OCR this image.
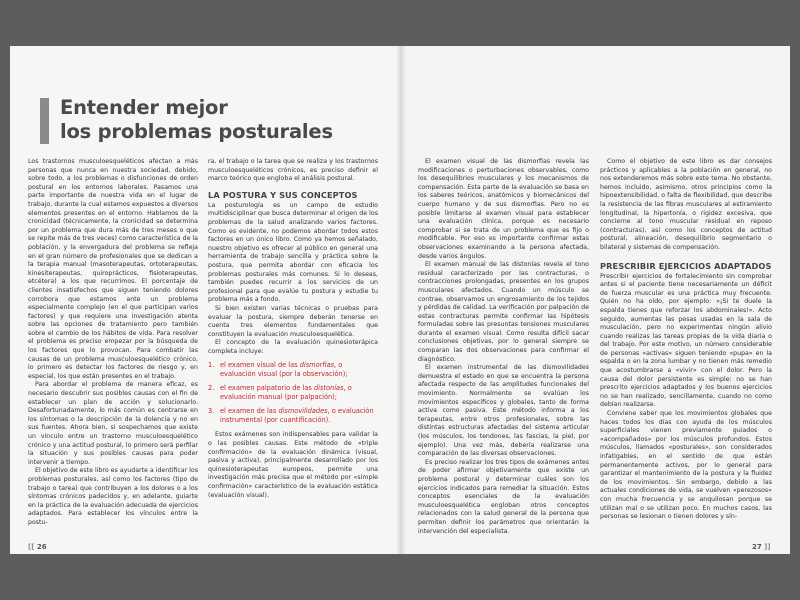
Entender mejor
los problemas posturales

Los trastornos musculoesqueléticos afectan a más personas que nunca en nuestra sociedad, debido, sobre todo, a los problemas o disfunciones de orden postural en los entornos laborales. Pasamos una parte importante de nuestra vida en el lugar de trabajo, durante la cual estamos expuestos a diversos elementos presentes en el entorno. Hablamos de la cronicidad (técnicamente, la cronicidad se determina por un problema que dura más de tres meses o que se repite más de tres veces) como característica de la población, y la envergadura del problema se refleja en el gran número de profesionales que se dedican a la terapia manual (masoterapeutas, ortoterapeutas, kinesiterapeutas, quiroprácticos, fisioterapeutas, etcétera) a los que recurrimos. El porcentaje de clientes insatisfechos que siguen teniendo dolores corrobora que estamos ante un problema especialmente complejo (en el que participan varios factores) y que requiere una investigación atenta sobre las opciones de tratamiento pero también sobre el cambio de los hábitos de vida. Para resolver el problema es preciso empezar por la búsqueda de los factores que lo provocan. Para combatir las causas de un problema musculoesquelético crónico, lo primero es detectar los factores de riesgo y, en especial, los que están presentes en el trabajo.

Para abordar el problema de manera eficaz, es necesario descubrir sus posibles causas con el fin de establecer un plan de acción y solucionarlo. Desafortunadamente, lo más común es centrarse en los síntomas o la descripción de la dolencia y no en sus fuentes. Ahora bien, si sospechamos que existe un vínculo entre un trastorno musculoesquelético crónico y una actitud postural, lo primero será perfilar la situación y sus posibles causas para poder intervenir a tiempo.

El objetivo de este libro es ayudarte a identificar los problemas posturales, así como los factores (tipo de trabajo o tarea) que contribuyen a los dolores o a los síntomas crónicos padecidos y, en adelante, guiarte en la práctica de la evaluación adecuada de ejercicios adaptados. Para establecer los vínculos entre la postu-

ra, el trabajo o la tarea que se realiza y los trastornos musculoesqueléticos crónicos, es preciso definir el marco teórico que engloba el análisis postural.

LA POSTURA Y SUS CONCEPTOS

La posturología es un campo de estudio multidisciplinar que busca determinar el origen de los problemas de la salud analizando varios factores. Como es evidente, no podemos abordar todos estos factores en un único libro. Como ya hemos señalado, nuestro objetivo es ofrecer al público en general una herramienta de trabajo sencilla y práctica sobre la postura, que permita abordar con eficacia los problemas posturales más comunes. Si lo deseas, también puedes recurrir a los servicios de un profesional para que evalúe tu postura y estudie tu problema más a fondo.

Si bien existen varias técnicas o pruebas para evaluar la postura, siempre deberán tenerse en cuenta tres elementos fundamentales que constituyen la evaluación musculoesquelética.

El concepto de la evaluación quinesioterápica completa incluye:

1. el examen visual de las dismorfias, o evaluación visual (por la observación);
2. el examen palpatorio de las distonías, o evaluación manual (por palpación);
3. el examen de las dismovilidades, o evaluación instrumental (por cuantificación).

Estos exámenes son indispensables para validar la o las posibles causas. Este método de «triple confirmación» de la evaluación dinámica (visual, pasiva y activa), principalmente desarrollado por los quinesioterapeutas europeos, permite una investigación más precisa que el método por «simple confirmación» característico de la evaluación estática (evaluación visual).

[[ 26

El examen visual de las dismorfias revela las modificaciones o perturbaciones observables, como los desequilibrios musculares y los mecanismos de compensación. Esta parte de la evaluación se basa en los saberes teóricos, anatómicos y biomecánicos del cuerpo humano y de sus dismorfias. Pero no es posible limitarse al examen visual para establecer una evaluación clínica, porque es necesario comprobar si se trata de un problema que es fijo o modificable. Por eso es importante confirmar estas observaciones examinando a la persona afectada, desde varios ángulos.

El examen manual de las distonías revela el tono residual caracterizado por las contracturas, o contracciones prolongadas, presentes en los grupos musculares afectados. Cuando un músculo se contrae, observamos un engrosamiento de los tejidos y pérdidas de calidad. La verificación por palpación de estas contracturas permite confirmar las hipótesis formuladas sobre las presuntas tensiones musculares durante el examen visual. Como resulta difícil sacar conclusiones objetivas, por lo general siempre se comparan las dos observaciones para confirmar el diagnóstico.

El examen instrumental de las dismovilidades demuestra el estado en que se encuentra la persona afectada respecto de las amplitudes funcionales del movimiento. Normalmente se evalúan los movimientos específicos y globales, tanto de forma activa como pasiva. Este método informa a los terapeutas, entre otros profesionales, sobre las distintas estructuras afectadas del sistema articular (los músculos, los tendones, las fascias, la piel, por ejemplo). Una vez más, debería realizarse una comparación de las diversas observaciones.

Es preciso realizar los tres tipos de exámenes antes de poder afirmar objetivamente que existe un problema postural y determinar cuáles son los ejercicios indicados para remediar la situación. Estos conceptos esenciales de la evaluación musculoesquelética engloban otros conceptos relacionados con la salud general de la persona que permiten definir los parámetros que orientarán la intervención del especialista.

Como el objetivo de este libro es dar consejos prácticos y aplicables a la población en general, no nos extenderemos más sobre este tema. No obstante, hemos incluido, asimismo, otros principios como la hipoextensibilidad, o falta de flexibilidad, que describe la resistencia de las fibras musculares al estiramiento longitudinal, la hipertonía, o rigidez excesiva, que concierne al tono muscular residual en reposo (contracturas), así como los conceptos de actitud postural, alineación, desequilibrio segmentario o bilateral y sistemas de compensación.

PRESCRIBIR EJERCICIOS ADAPTADOS

Prescribir ejercicios de fortalecimiento sin comprobar antes si el paciente tiene necesariamente un déficit de fuerza muscular es una práctica muy frecuente. Quién no ha oído, por ejemplo: «¡Si te duele la espalda tienes que reforzar los abdominales!». Acto seguido, aumentas las pesas usadas en la sala de musculación, pero no experimentas ningún alivio cuando realizas las tareas propias de la vida diaria o del trabajo. Por este motivo, un número considerable de personas «activas» siguen teniendo «pupa» en la espalda o en la zona lumbar y no tienen más remedio que acostumbrarse a «vivir» con el dolor. Pero la causa del dolor persistente es simple: no se han prescrito ejercicios adaptados y los buenos ejercicios no se han realizado, sencillamente, cuando no como debían realizarse.

Conviene saber que los movimientos globales que haces todos los días con ayuda de los músculos superficiales vienen previamente guiados o «acompañados» por los músculos profundos. Estos músculos, llamados «posturales», son considerados infatigables, en el sentido de que están permanentemente activos, por lo general para garantizar el mantenimiento de la postura y la fluidez de los movimientos. Sin embargo, debido a las actuales condiciones de vida, se vuelven «perezosos» con mucha frecuencia y se anquilosan porque se utilizan mal o se utilizan poco. En muchos casos, las personas se lesionan o tienen dolores y sín-

27 ]]
